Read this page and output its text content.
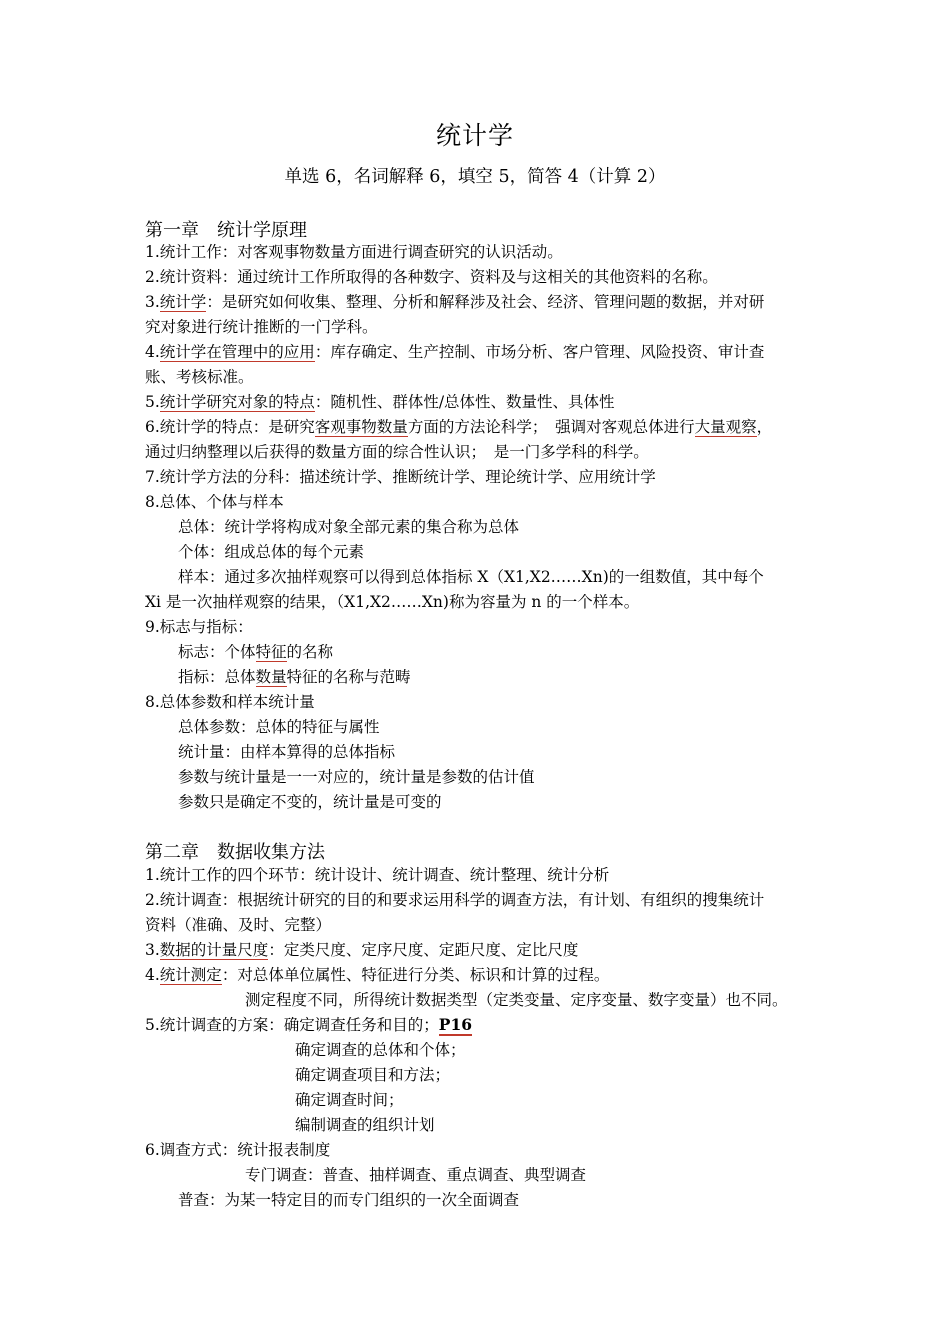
统计学
单选 6，名词解释 6，填空 5，简答 4（计算 2）
第一章　统计学原理
1.统计工作：对客观事物数量方面进行调查研究的认识活动。
2.统计资料：通过统计工作所取得的各种数字、资料及与这相关的其他资料的名称。
3.统计学：是研究如何收集、整理、分析和解释涉及社会、经济、管理问题的数据，并对研
究对象进行统计推断的一门学科。
4.统计学在管理中的应用：库存确定、生产控制、市场分析、客户管理、风险投资、审计查
账、考核标准。
5.统计学研究对象的特点：随机性、群体性/总体性、数量性、具体性
6.统计学的特点：是研究客观事物数量方面的方法论科学；　强调对客观总体进行大量观察，
通过归纳整理以后获得的数量方面的综合性认识；　是一门多学科的科学。
7.统计学方法的分科：描述统计学、推断统计学、理论统计学、应用统计学
8.总体、个体与样本
总体：统计学将构成对象全部元素的集合称为总体
个体：组成总体的每个元素
样本：通过多次抽样观察可以得到总体指标 X（X1,X2……Xn)的一组数值，其中每个
Xi 是一次抽样观察的结果，（X1,X2……Xn)称为容量为 n 的一个样本。
9.标志与指标：
标志：个体特征的名称
指标：总体数量特征的名称与范畴
8.总体参数和样本统计量
总体参数：总体的特征与属性
统计量：由样本算得的总体指标
参数与统计量是一一对应的，统计量是参数的估计值
参数只是确定不变的，统计量是可变的
第二章　数据收集方法
1.统计工作的四个环节：统计设计、统计调查、统计整理、统计分析
2.统计调查：根据统计研究的目的和要求运用科学的调查方法，有计划、有组织的搜集统计
资料（准确、及时、完整）
3.数据的计量尺度：定类尺度、定序尺度、定距尺度、定比尺度
4.统计测定：对总体单位属性、特征进行分类、标识和计算的过程。
测定程度不同，所得统计数据类型（定类变量、定序变量、数字变量）也不同。
5.统计调查的方案：确定调查任务和目的；P16
确定调查的总体和个体；
确定调查项目和方法；
确定调查时间；
编制调查的组织计划
6.调查方式：统计报表制度
专门调查：普查、抽样调查、重点调查、典型调查
普查：为某一特定目的而专门组织的一次全面调查
